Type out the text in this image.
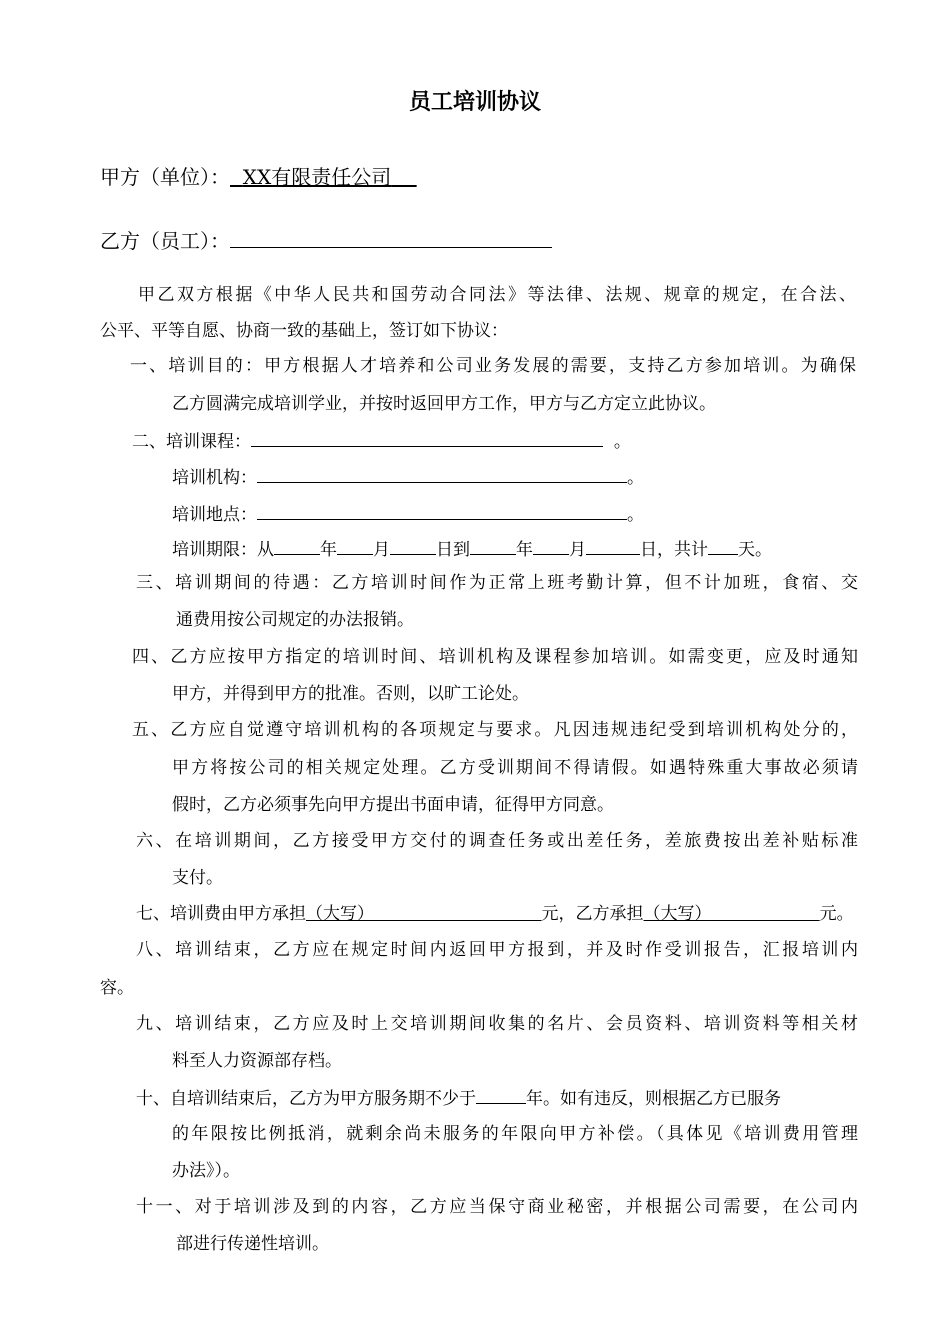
员工培训协议
甲方（单位）： XX有限责任公司
乙方（员工）：
甲乙双方根据《中华人民共和国劳动合同法》等法律、法规、规章的规定，在合法、
公平、平等自愿、协商一致的基础上，签订如下协议：
一、培训目的：甲方根据人才培养和公司业务发展的需要，支持乙方参加培训。为确保
乙方圆满完成培训学业，并按时返回甲方工作，甲方与乙方定立此协议。
二、培训课程：	。
培训机构：	。
培训地点：	。
培训期限：从	年 月	日到	年 月	日，共计 天。
三、培训期间的待遇：乙方培训时间作为正常上班考勤计算，但不计加班，食宿、交
通费用按公司规定的办法报销。
四、乙方应按甲方指定的培训时间、培训机构及课程参加培训。如需变更，应及时通知
甲方，并得到甲方的批准。否则，以旷工论处。
五、乙方应自觉遵守培训机构的各项规定与要求。凡因违规违纪受到培训机构处分的，
甲方将按公司的相关规定处理。乙方受训期间不得请假。如遇特殊重大事故必须请
假时，乙方必须事先向甲方提出书面申请，征得甲方同意。
六、在培训期间，乙方接受甲方交付的调查任务或出差任务，差旅费按出差补贴标准
支付。
七、培训费由甲方承担（大写）	元，乙方承担（大写）	元。
八、培训结束，乙方应在规定时间内返回甲方报到，并及时作受训报告，汇报培训内
容。
九、培训结束，乙方应及时上交培训期间收集的名片、会员资料、培训资料等相关材
料至人力资源部存档。
十、自培训结束后，乙方为甲方服务期不少于	年。如有违反，则根据乙方已服务
的年限按比例抵消，就剩余尚未服务的年限向甲方补偿。（具体见《培训费用管理
办法》）。
十一、对于培训涉及到的内容，乙方应当保守商业秘密，并根据公司需要，在公司内
部进行传递性培训。
